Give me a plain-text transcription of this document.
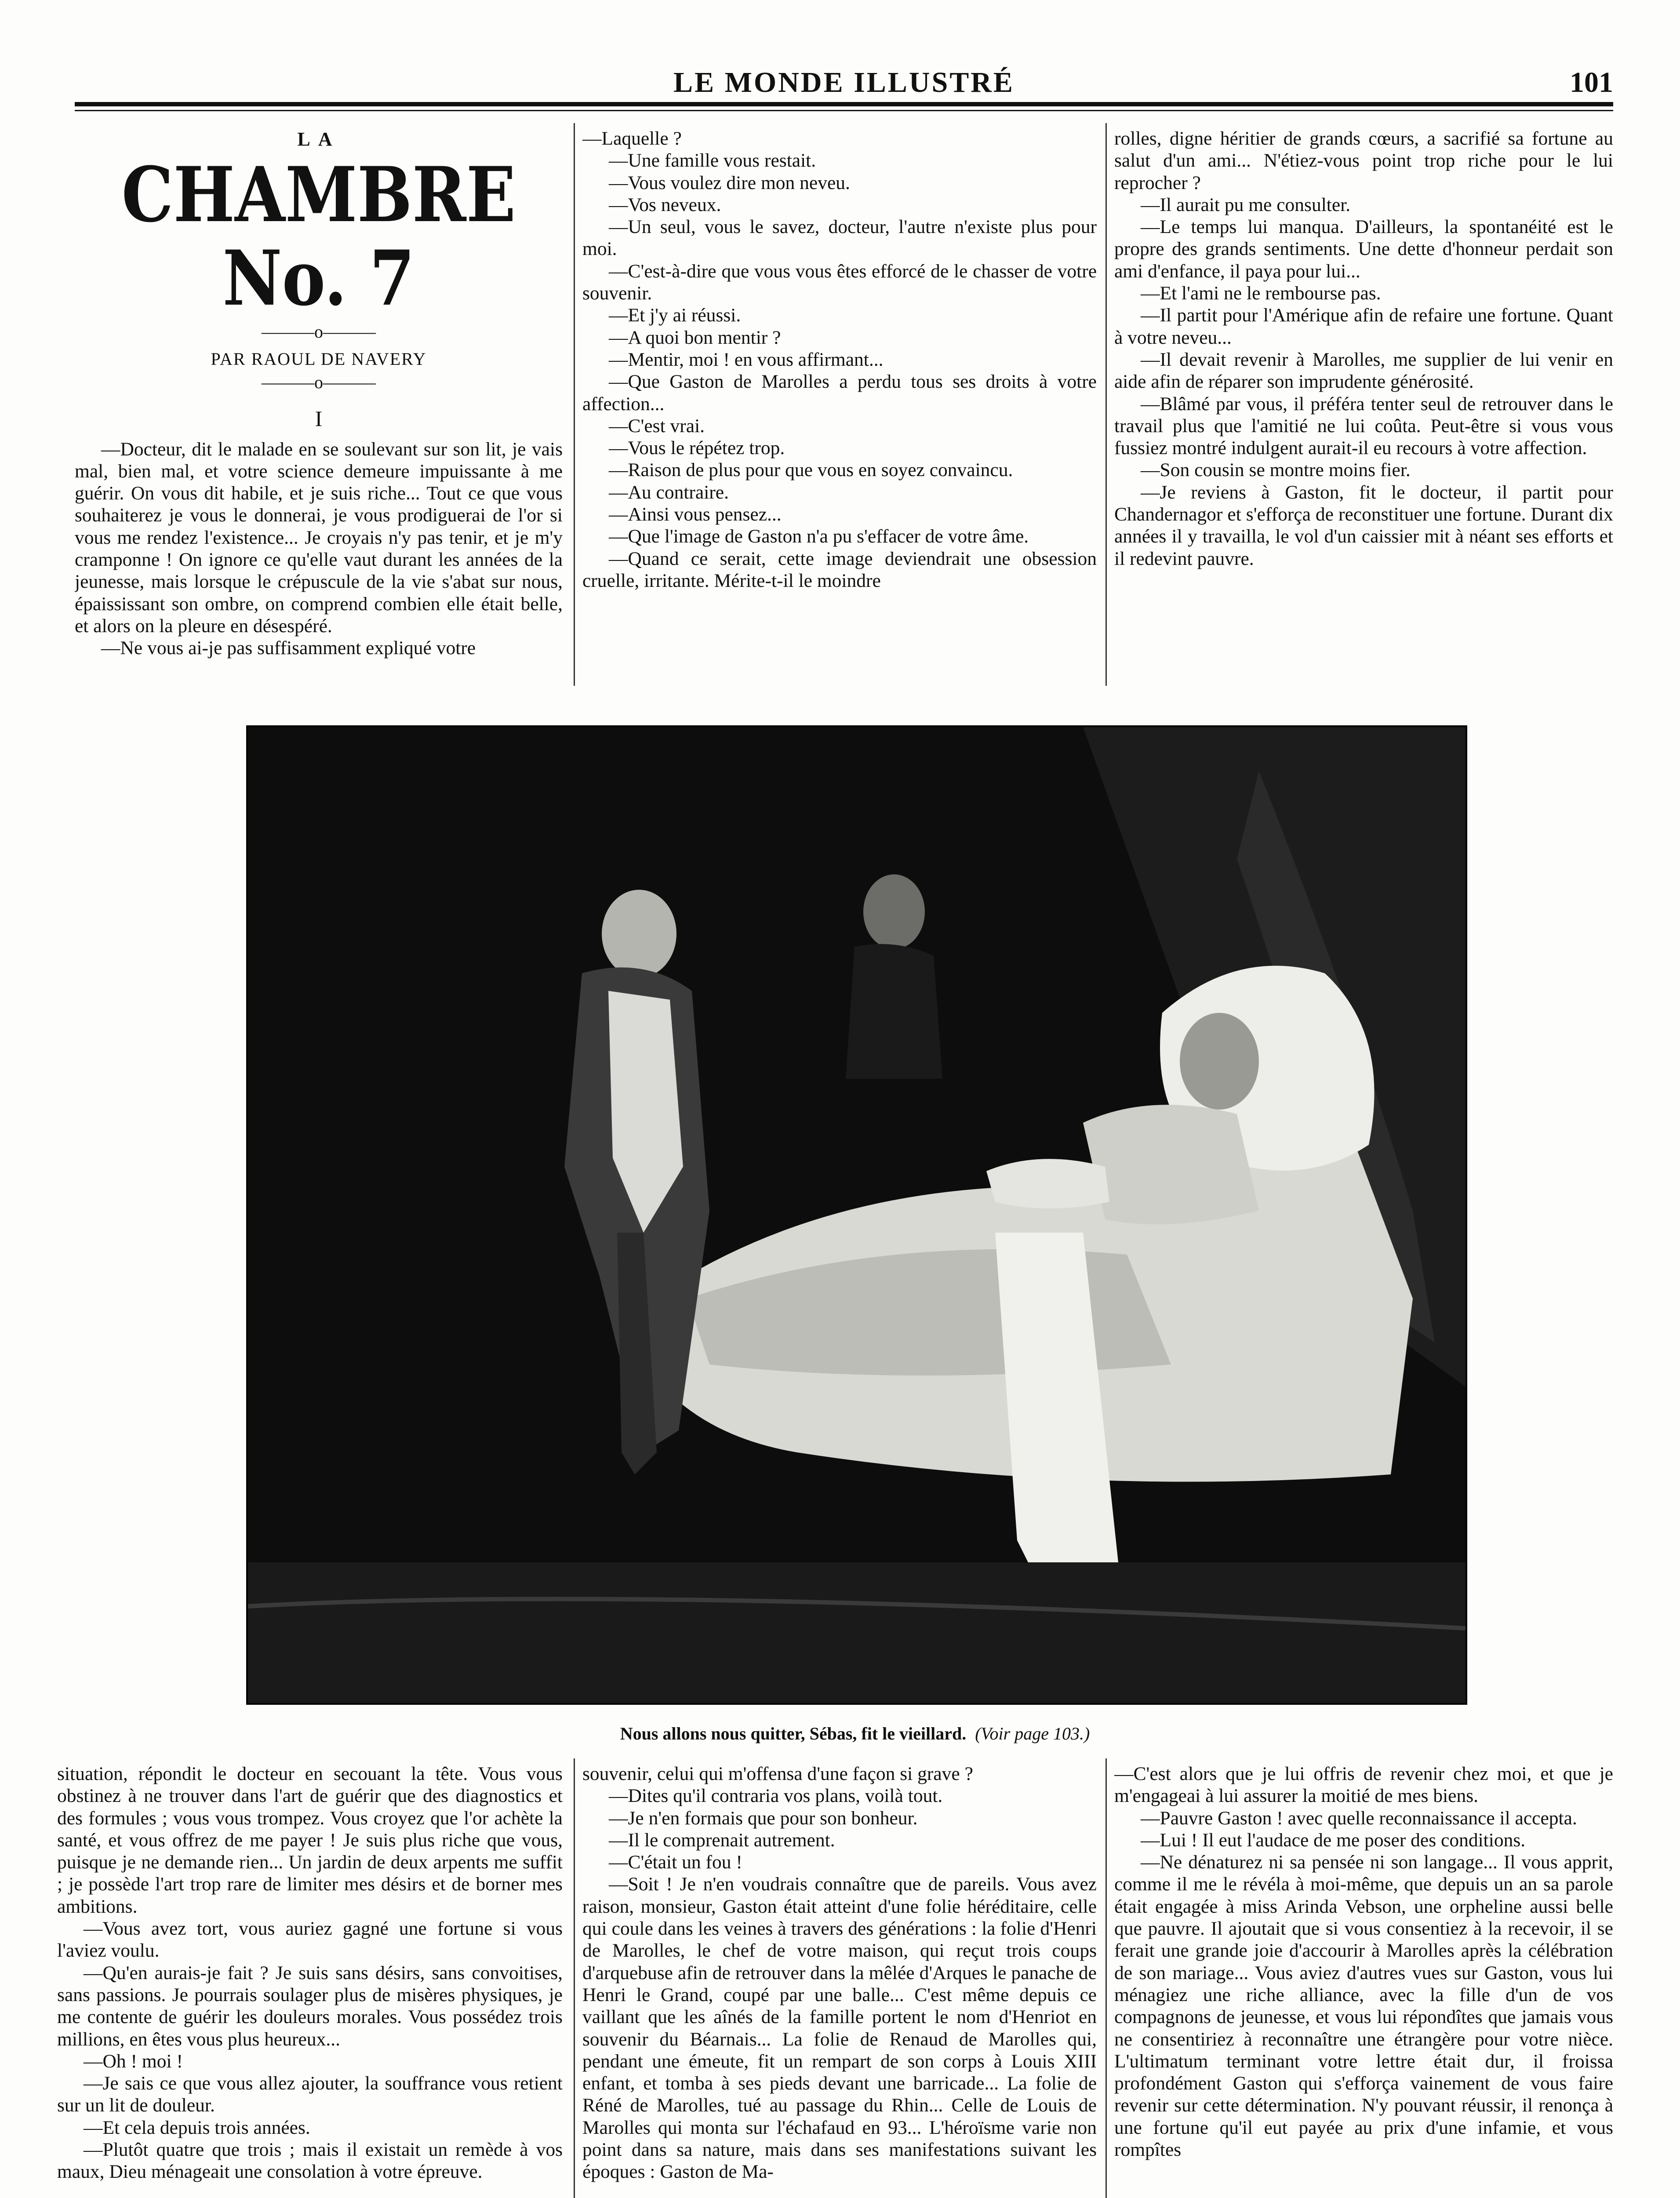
LE MONDE ILLUSTRÉ	101
LA
CHAMBRE No. 7
———o———
PAR RAOUL DE NAVERY
———o———
I

—Docteur, dit le malade en se soulevant sur son lit, je vais mal, bien mal, et votre science demeure impuissante à me guérir. On vous dit habile, et je suis riche... Tout ce que vous souhaiterez je vous le donnerai, je vous prodiguerai de l'or si vous me rendez l'existence... Je croyais n'y pas tenir, et je m'y cramponne ! On ignore ce qu'elle vaut durant les années de la jeunesse, mais lorsque le crépuscule de la vie s'abat sur nous, épaississant son ombre, on comprend combien elle était belle, et alors on la pleure en désespéré.

—Ne vous ai-je pas suffisamment expliqué votre

—Laquelle ?

—Une famille vous restait.

—Vous voulez dire mon neveu.

—Vos neveux.

—Un seul, vous le savez, docteur, l'autre n'existe plus pour moi.

—C'est-à-dire que vous vous êtes efforcé de le chasser de votre souvenir.

—Et j'y ai réussi.

—A quoi bon mentir ?

—Mentir, moi ! en vous affirmant...

—Que Gaston de Marolles a perdu tous ses droits à votre affection...

—C'est vrai.

—Vous le répétez trop.

—Raison de plus pour que vous en soyez convaincu.

—Au contraire.

—Ainsi vous pensez...

—Que l'image de Gaston n'a pu s'effacer de votre âme.

—Quand ce serait, cette image deviendrait une obsession cruelle, irritante. Mérite-t-il le moindre

rolles, digne héritier de grands cœurs, a sacrifié sa fortune au salut d'un ami... N'étiez-vous point trop riche pour le lui reprocher ?

—Il aurait pu me consulter.

—Le temps lui manqua. D'ailleurs, la spontanéité est le propre des grands sentiments. Une dette d'honneur perdait son ami d'enfance, il paya pour lui...

—Et l'ami ne le rembourse pas.

—Il partit pour l'Amérique afin de refaire une fortune. Quant à votre neveu...

—Il devait revenir à Marolles, me supplier de lui venir en aide afin de réparer son imprudente générosité.

—Blâmé par vous, il préféra tenter seul de retrouver dans le travail plus que l'amitié ne lui coûta. Peut-être si vous vous fussiez montré indulgent aurait-il eu recours à votre affection.

—Son cousin se montre moins fier.

—Je reviens à Gaston, fit le docteur, il partit pour Chandernagor et s'efforça de reconstituer une fortune. Durant dix années il y travailla, le vol d'un caissier mit à néant ses efforts et il redevint pauvre.

Nous allons nous quitter, Sébas, fit le vieillard. (Voir page 103.)

situation, répondit le docteur en secouant la tête. Vous vous obstinez à ne trouver dans l'art de guérir que des diagnostics et des formules ; vous vous trompez. Vous croyez que l'or achète la santé, et vous offrez de me payer ! Je suis plus riche que vous, puisque je ne demande rien... Un jardin de deux arpents me suffit ; je possède l'art trop rare de limiter mes désirs et de borner mes ambitions.

—Vous avez tort, vous auriez gagné une fortune si vous l'aviez voulu.

—Qu'en aurais-je fait ? Je suis sans désirs, sans convoitises, sans passions. Je pourrais soulager plus de misères physiques, je me contente de guérir les douleurs morales. Vous possédez trois millions, en êtes vous plus heureux...

—Oh ! moi !

—Je sais ce que vous allez ajouter, la souffrance vous retient sur un lit de douleur.

—Et cela depuis trois années.

—Plutôt quatre que trois ; mais il existait un remède à vos maux, Dieu ménageait une consolation à votre épreuve.

souvenir, celui qui m'offensa d'une façon si grave ?

—Dites qu'il contraria vos plans, voilà tout.

—Je n'en formais que pour son bonheur.

—Il le comprenait autrement.

—C'était un fou !

—Soit ! Je n'en voudrais connaître que de pareils. Vous avez raison, monsieur, Gaston était atteint d'une folie héréditaire, celle qui coule dans les veines à travers des générations : la folie d'Henri de Marolles, le chef de votre maison, qui reçut trois coups d'arquebuse afin de retrouver dans la mêlée d'Arques le panache de Henri le Grand, coupé par une balle... C'est même depuis ce vaillant que les aînés de la famille portent le nom d'Henriot en souvenir du Béarnais... La folie de Renaud de Marolles qui, pendant une émeute, fit un rempart de son corps à Louis XIII enfant, et tomba à ses pieds devant une barricade... La folie de Réné de Marolles, tué au passage du Rhin... Celle de Louis de Marolles qui monta sur l'échafaud en 93... L'héroïsme varie non point dans sa nature, mais dans ses manifestations suivant les époques : Gaston de Ma-

—C'est alors que je lui offris de revenir chez moi, et que je m'engageai à lui assurer la moitié de mes biens.

—Pauvre Gaston ! avec quelle reconnaissance il accepta.

—Lui ! Il eut l'audace de me poser des conditions.

—Ne dénaturez ni sa pensée ni son langage... Il vous apprit, comme il me le révéla à moi-même, que depuis un an sa parole était engagée à miss Arinda Vebson, une orpheline aussi belle que pauvre. Il ajoutait que si vous consentiez à la recevoir, il se ferait une grande joie d'accourir à Marolles après la célébration de son mariage... Vous aviez d'autres vues sur Gaston, vous lui ménagiez une riche alliance, avec la fille d'un de vos compagnons de jeunesse, et vous lui répondîtes que jamais vous ne consentiriez à reconnaître une étrangère pour votre nièce. L'ultimatum terminant votre lettre était dur, il froissa profondément Gaston qui s'efforça vainement de vous faire revenir sur cette détermination. N'y pouvant réussir, il renonça à une fortune qu'il eut payée au prix d'une infamie, et vous rompîtes
